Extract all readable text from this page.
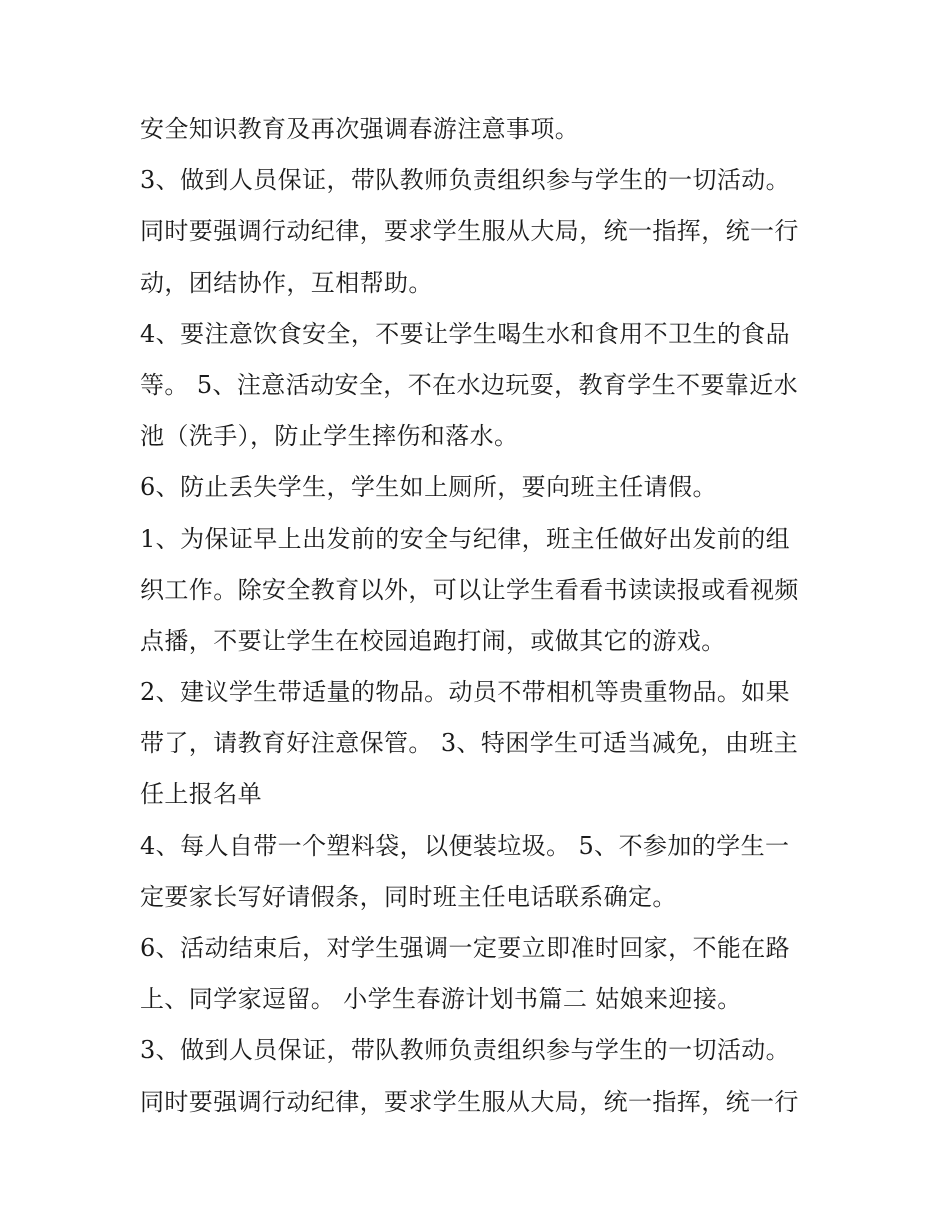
安全知识教育及再次强调春游注意事项。
3、做到人员保证，带队教师负责组织参与学生的一切活动。
同时要强调行动纪律，要求学生服从大局，统一指挥，统一行
动，团结协作，互相帮助。
4、要注意饮食安全，不要让学生喝生水和食用不卫生的食品
等。 5、注意活动安全，不在水边玩耍，教育学生不要靠近水
池（洗手），防止学生摔伤和落水。
6、防止丢失学生，学生如上厕所，要向班主任请假。
1、为保证早上出发前的安全与纪律，班主任做好出发前的组
织工作。除安全教育以外，可以让学生看看书读读报或看视频
点播，不要让学生在校园追跑打闹，或做其它的游戏。
2、建议学生带适量的物品。动员不带相机等贵重物品。如果
带了，请教育好注意保管。 3、特困学生可适当减免，由班主
任上报名单
4、每人自带一个塑料袋，以便装垃圾。 5、不参加的学生一
定要家长写好请假条，同时班主任电话联系确定。
6、活动结束后，对学生强调一定要立即准时回家，不能在路
上、同学家逗留。 小学生春游计划书篇二 姑娘来迎接。
3、做到人员保证，带队教师负责组织参与学生的一切活动。
同时要强调行动纪律，要求学生服从大局，统一指挥，统一行
